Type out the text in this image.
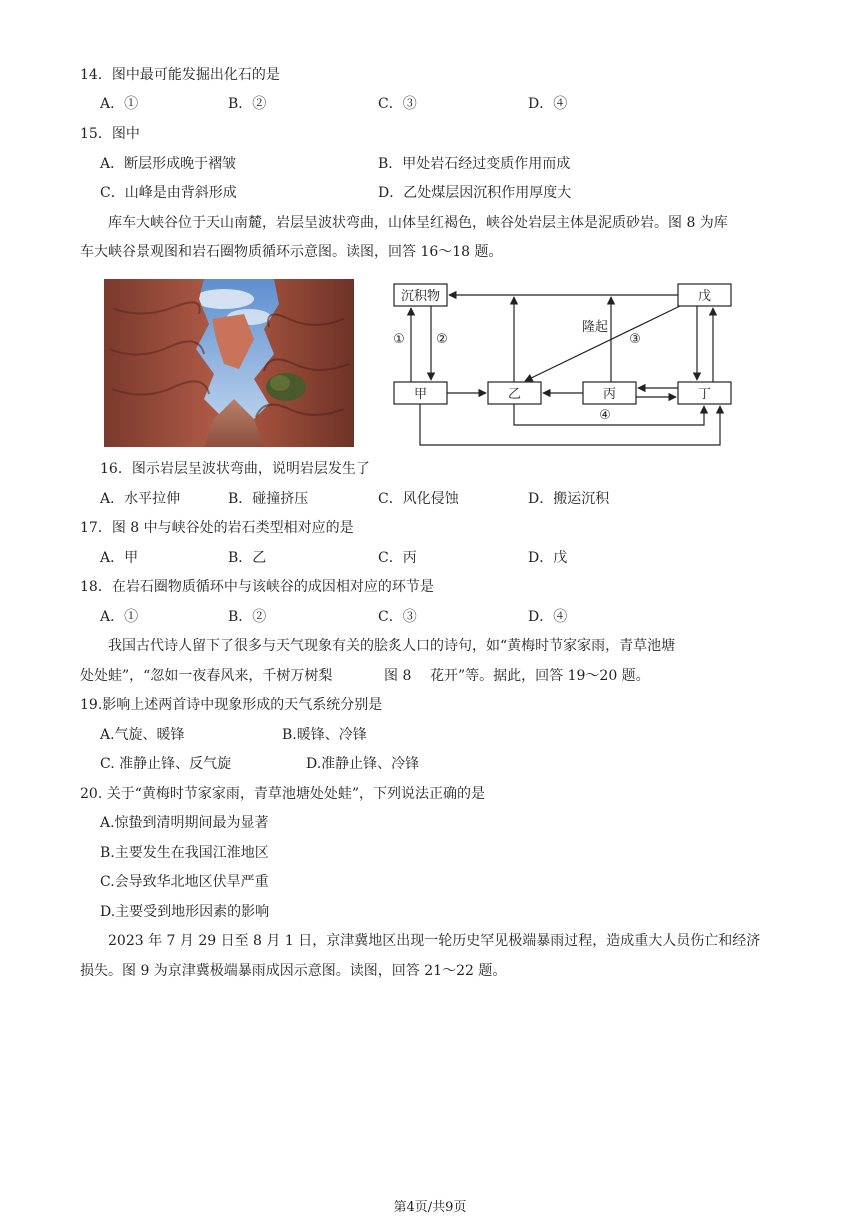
14．图中最可能发掘出化石的是
A．①	B．②	C．③	D．④
15．图中
A．断层形成晚于褶皱	B．甲处岩石经过变质作用而成
C．山峰是由背斜形成	D．乙处煤层因沉积作用厚度大
库车大峡谷位于天山南麓，岩层呈波状弯曲，山体呈红褐色，峡谷处岩层主体是泥质砂岩。图 8 为库
车大峡谷景观图和岩石圈物质循环示意图。读图，回答 16～18 题。
沉积物	戊
甲	乙	丙	丁
① ②	③
④
隆起
16．图示岩层呈波状弯曲，说明岩层发生了
A．水平拉伸	B．碰撞挤压	C．风化侵蚀	D．搬运沉积
17．图 8 中与峡谷处的岩石类型相对应的是
A．甲	B．乙	C．丙	D．戊
18．在岩石圈物质循环中与该峡谷的成因相对应的环节是
A．①	B．②	C．③	D．④
我国古代诗人留下了很多与天气现象有关的脍炙人口的诗句，如“黄梅时节家家雨，青草池塘
处处蛙”，“忽如一夜春风来，千树万树梨	图 8 花开”等。据此，回答 19～20 题。
19.影响上述两首诗中现象形成的天气系统分别是
A.气旋、暖锋	B.暖锋、冷锋
C. 准静止锋、反气旋	D.准静止锋、冷锋
20. 关于“黄梅时节家家雨，青草池塘处处蛙”，下列说法正确的是
A.惊蛰到清明期间最为显著
B.主要发生在我国江淮地区
C.会导致华北地区伏旱严重
D.主要受到地形因素的影响
2023 年 7 月 29 日至 8 月 1 日，京津冀地区出现一轮历史罕见极端暴雨过程，造成重大人员伤亡和经济
损失。图 9 为京津冀极端暴雨成因示意图。读图，回答 21～22 题。
第4页/共9页
